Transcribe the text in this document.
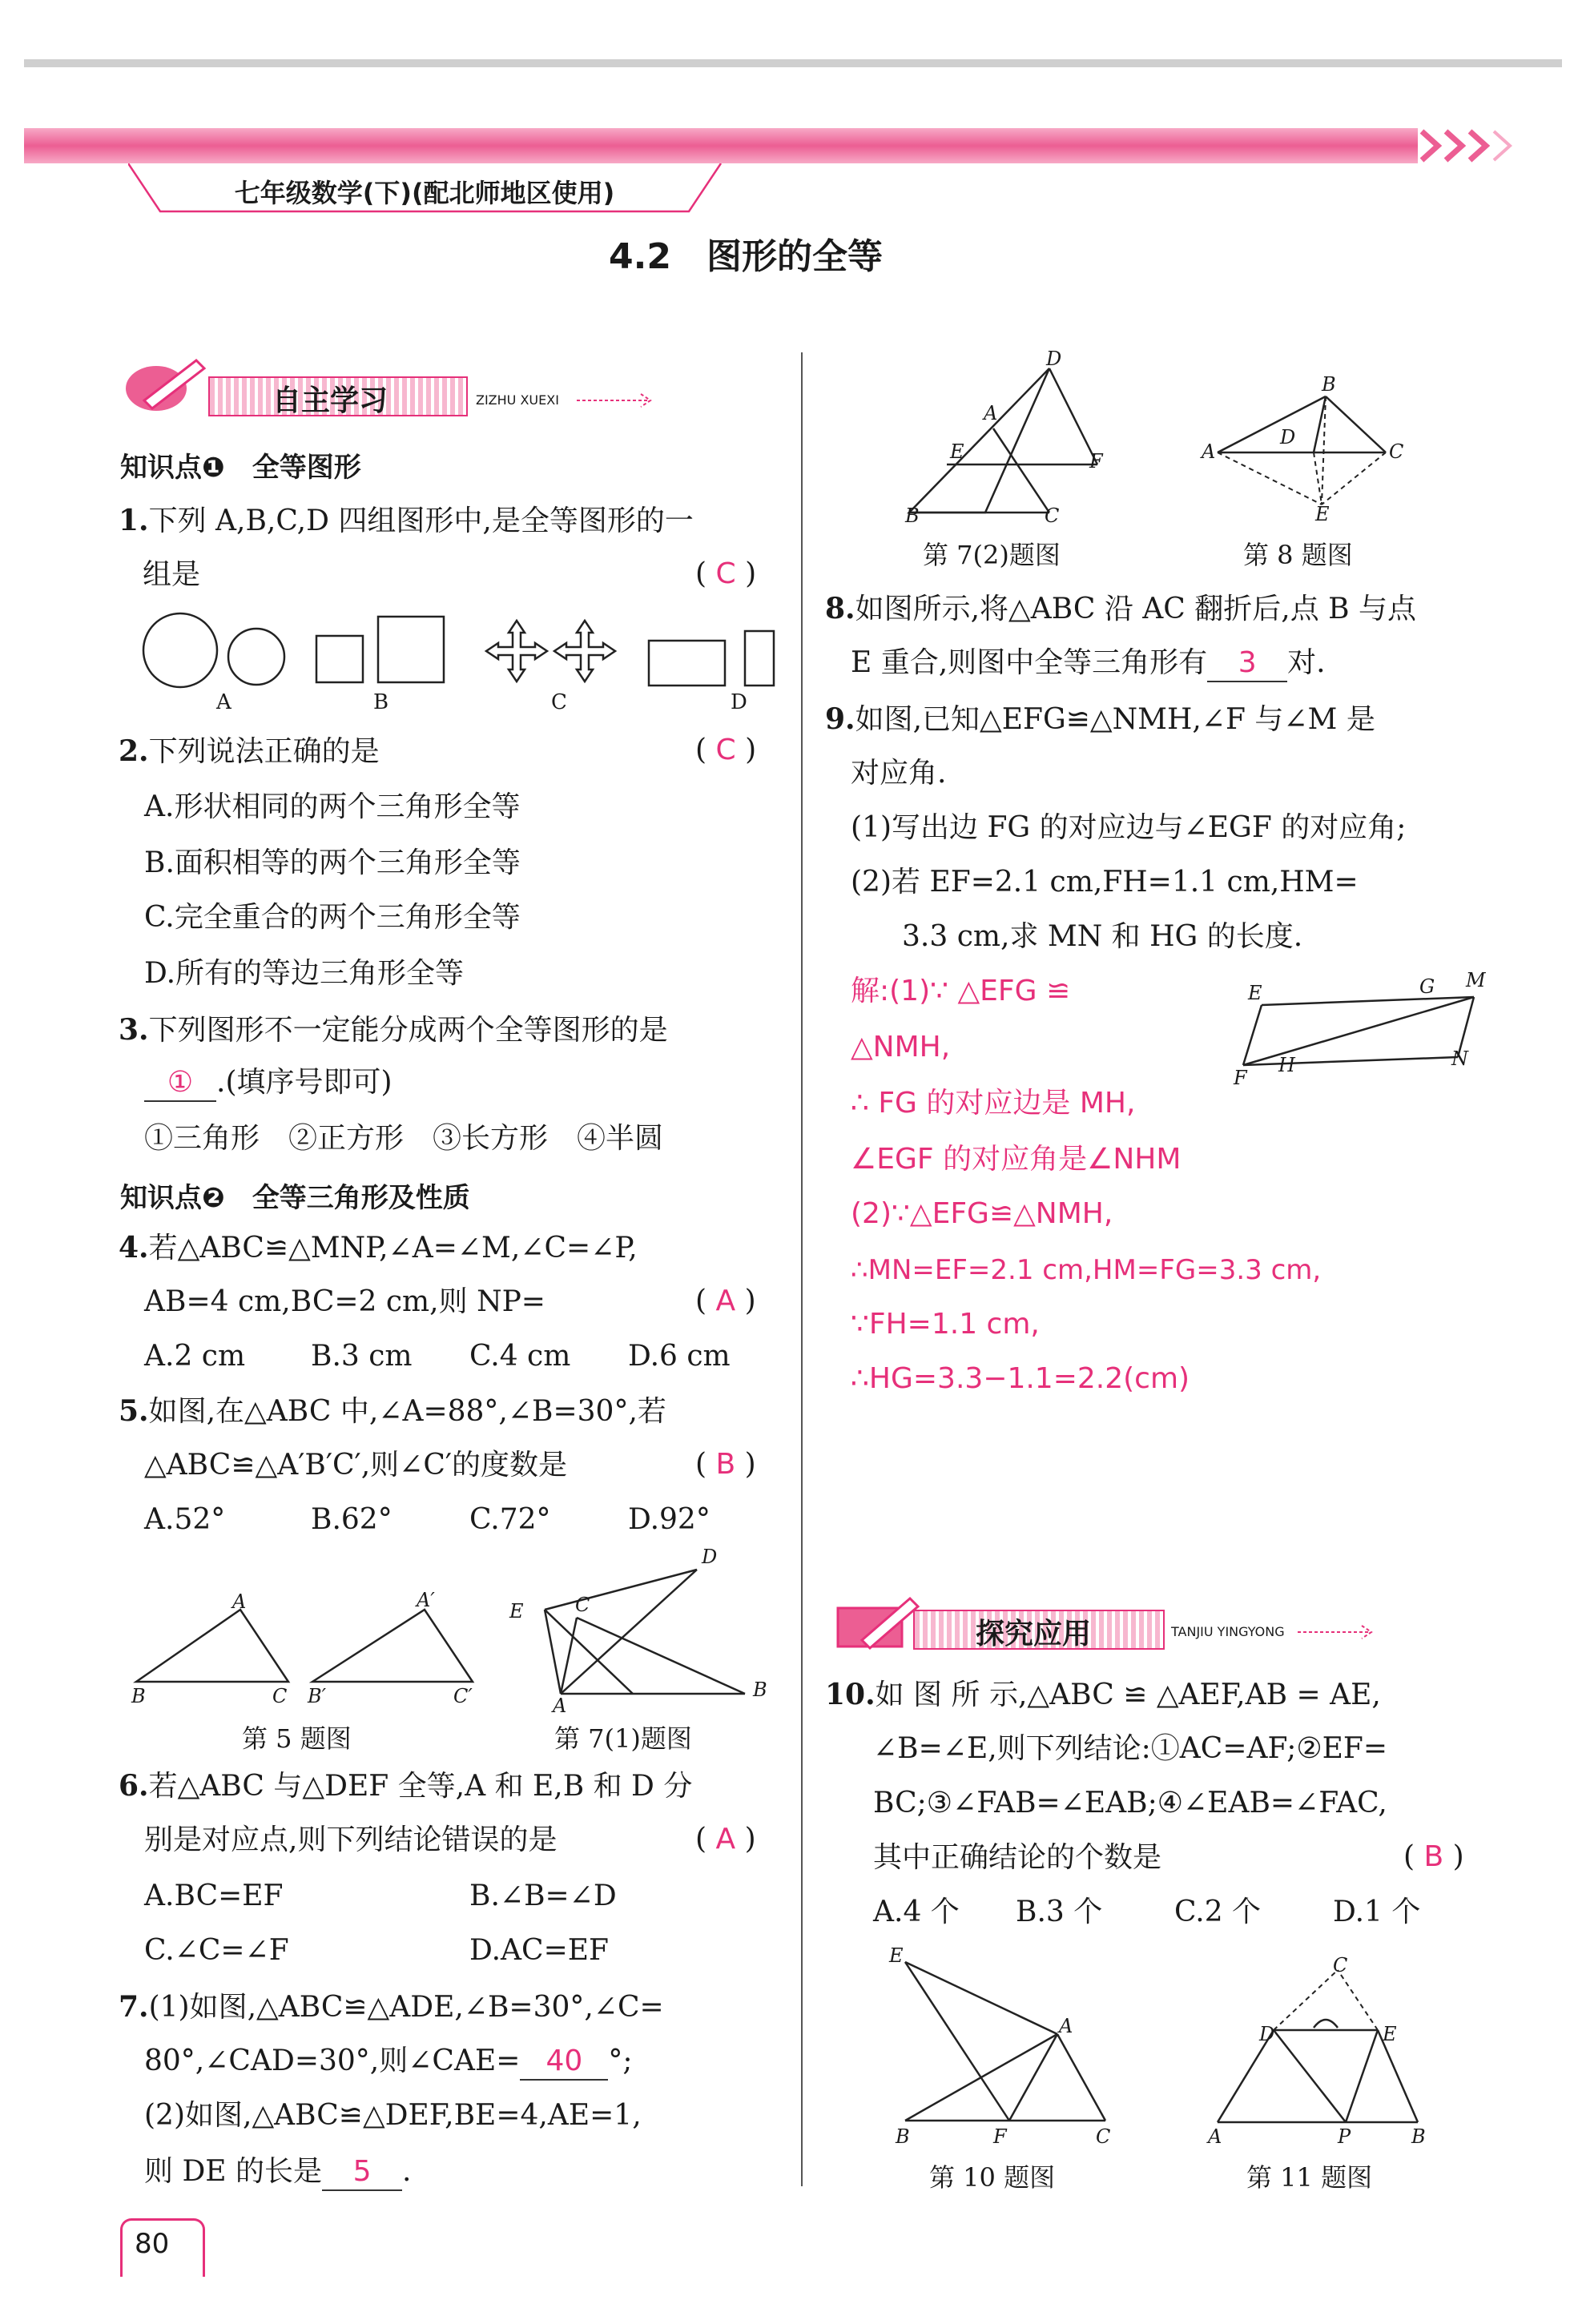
七年级数学(下)(配北师地区使用)
4.2　图形的全等
自主学习	ZIZHU XUEXI
知识点❶　全等图形
1.下列 A,B,C,D 四组图形中,是全等图形的一
组是	( C )
A	B	C	D
2.下列说法正确的是	( C )
A.形状相同的两个三角形全等
B.面积相等的两个三角形全等
C.完全重合的两个三角形全等
D.所有的等边三角形全等
3.下列图形不一定能分成两个全等图形的是
① .(填序号即可)
①三角形　②正方形　③长方形　④半圆
知识点❷　全等三角形及性质
4.若△ABC≌△MNP,∠A=∠M,∠C=∠P,
AB=4 cm,BC=2 cm,则 NP=	( A )
A.2 cm B.3 cm C.4 cm D.6 cm
5.如图,在△ABC 中,∠A=88°,∠B=30°,若
△ABC≌△A′B′C′,则∠C′的度数是	( B )
A.52°	B.62°	C.72°	D.92°
A
B	C
A′
B′	C′
第 5 题图
D
E	C
A
B
第 7(1)题图
6.若△ABC 与△DEF 全等,A 和 E,B 和 D 分
别是对应点,则下列结论错误的是	( A )
A.BC=EF	B.∠B=∠D
C.∠C=∠F	D.AC=EF
7.(1)如图,△ABC≌△ADE,∠B=30°,∠C=
80°,∠CAD=30°,则∠CAE= 40 °;
(2)如图,△ABC≌△DEF,BE=4,AE=1,
则 DE 的长是 5 .
80
D
A
E	F
B	C
第 7(2)题图
B
D
A	C
E
第 8 题图
8.如图所示,将△ABC 沿 AC 翻折后,点 B 与点
E 重合,则图中全等三角形有 3 对.
9.如图,已知△EFG≌△NMH,∠F 与∠M 是
对应角.
(1)写出边 FG 的对应边与∠EGF 的对应角;
(2)若 EF=2.1 cm,FH=1.1 cm,HM=
3.3 cm,求 MN 和 HG 的长度.
E	G M
F
H	N
解:(1)∵ △EFG ≌
△NMH,
∴ FG 的对应边是 MH,
∠EGF 的对应角是∠NHM
(2)∵△EFG≌△NMH,
∴MN=EF=2.1 cm,HM=FG=3.3 cm,
∵FH=1.1 cm,
∴HG=3.3−1.1=2.2(cm)
探究应用	TANJIU YINGYONG
10.如 图 所 示,△ABC ≌ △AEF,AB = AE,
∠B=∠E,则下列结论:①AC=AF;②EF=
BC;③∠FAB=∠EAB;④∠EAB=∠FAC,
其中正确结论的个数是	( B )
A.4 个 B.3 个 C.2 个 D.1 个
E
A
B	F	C
第 10 题图
C
D	E
A	P	B
第 11 题图
